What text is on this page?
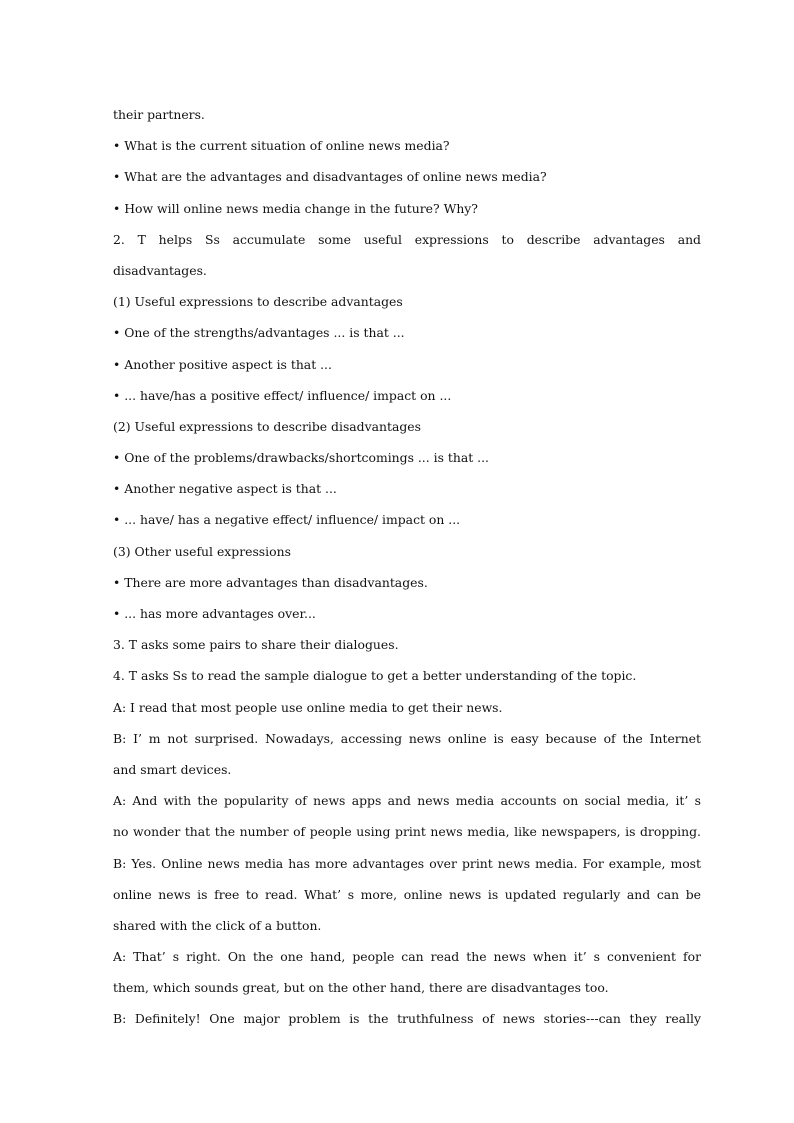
their partners.
• What is the current situation of online news media?
• What are the advantages and disadvantages of online news media?
• How will online news media change in the future? Why?
2. T helps Ss accumulate some useful expressions to describe advantages and
disadvantages.
(1) Useful expressions to describe advantages
• One of the strengths/advantages ... is that ...
• Another positive aspect is that ...
• ... have/has a positive effect/ influence/ impact on ...
(2) Useful expressions to describe disadvantages
• One of the problems/drawbacks/shortcomings ... is that ...
• Another negative aspect is that ...
• ... have/ has a negative effect/ influence/ impact on ...
(3) Other useful expressions
• There are more advantages than disadvantages.
• ... has more advantages over...
3. T asks some pairs to share their dialogues.
4. T asks Ss to read the sample dialogue to get a better understanding of the topic.
A: I read that most people use online media to get their news.
B: I’ m not surprised. Nowadays, accessing news online is easy because of the Internet
and smart devices.
A: And with the popularity of news apps and news media accounts on social media, it’ s
no wonder that the number of people using print news media, like newspapers, is dropping.
B: Yes. Online news media has more advantages over print news media. For example, most
online news is free to read. What’ s more, online news is updated regularly and can be
shared with the click of a button.
A: That’ s right. On the one hand, people can read the news when it’ s convenient for
them, which sounds great, but on the other hand, there are disadvantages too.
B: Definitely! One major problem is the truthfulness of news stories---can they really
